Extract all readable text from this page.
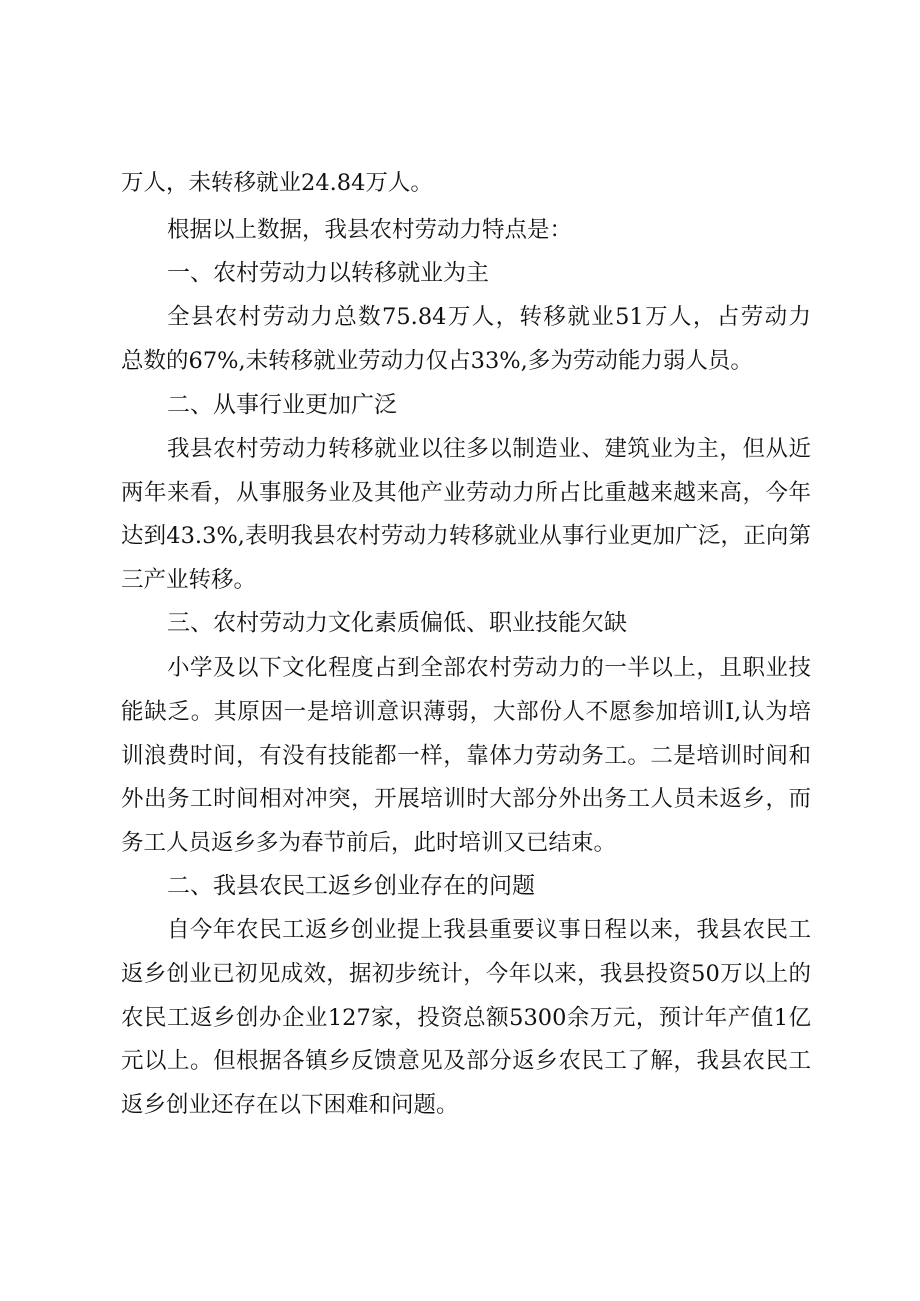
万人，未转移就业24.84万人。
根据以上数据，我县农村劳动力特点是：
一、农村劳动力以转移就业为主
全县农村劳动力总数75.84万人，转移就业51万人，占劳动力
总数的67%,未转移就业劳动力仅占33%,多为劳动能力弱人员。
二、从事行业更加广泛
我县农村劳动力转移就业以往多以制造业、建筑业为主，但从近
两年来看，从事服务业及其他产业劳动力所占比重越来越来高，今年
达到43.3%,表明我县农村劳动力转移就业从事行业更加广泛，正向第
三产业转移。
三、农村劳动力文化素质偏低、职业技能欠缺
小学及以下文化程度占到全部农村劳动力的一半以上，且职业技
能缺乏。其原因一是培训意识薄弱，大部份人不愿参加培训I,认为培
训浪费时间，有没有技能都一样，靠体力劳动务工。二是培训时间和
外出务工时间相对冲突，开展培训时大部分外出务工人员未返乡，而
务工人员返乡多为春节前后，此时培训又已结束。
二、我县农民工返乡创业存在的问题
自今年农民工返乡创业提上我县重要议事日程以来，我县农民工
返乡创业已初见成效，据初步统计，今年以来，我县投资50万以上的
农民工返乡创办企业127家，投资总额5300余万元，预计年产值1亿
元以上。但根据各镇乡反馈意见及部分返乡农民工了解，我县农民工
返乡创业还存在以下困难和问题。
